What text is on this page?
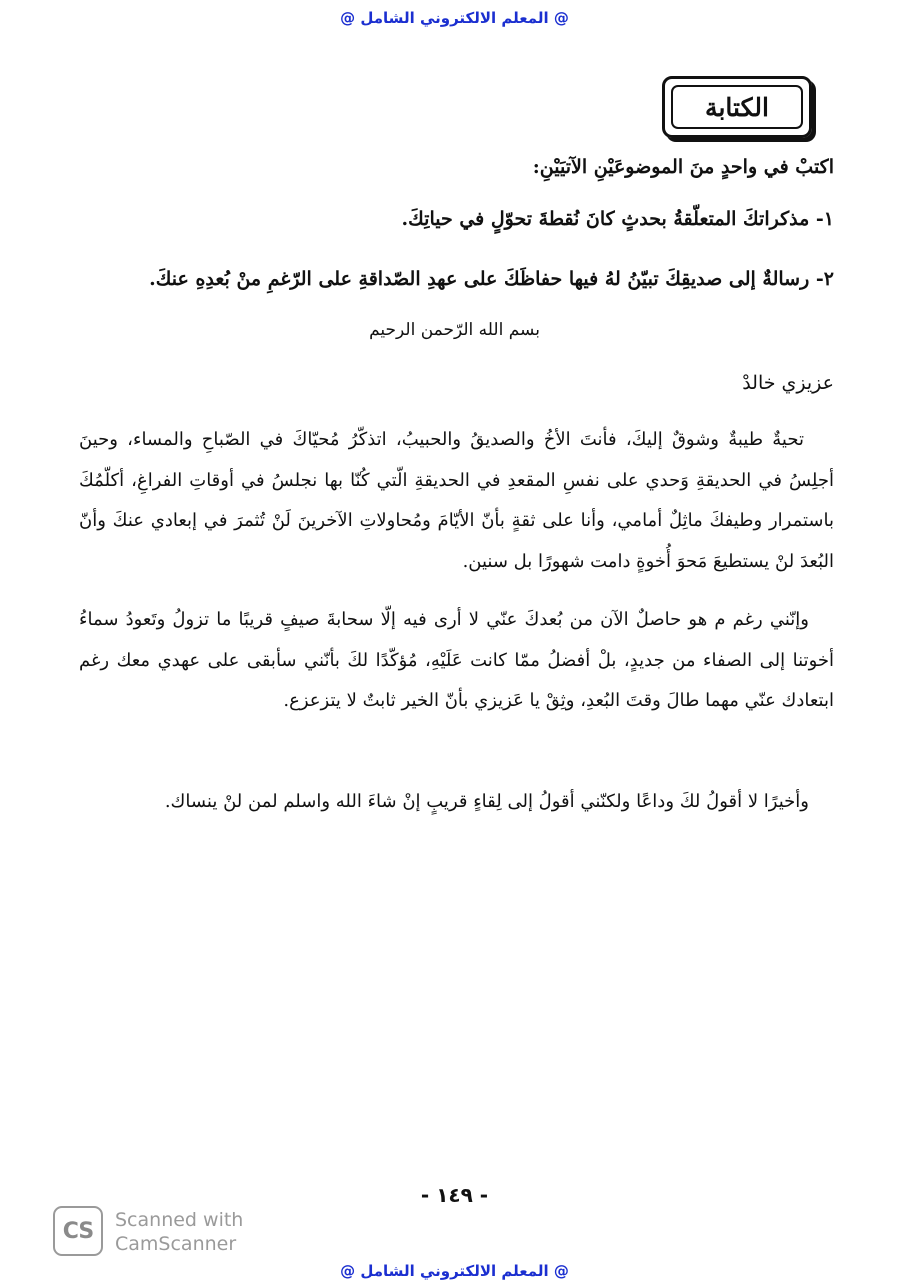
@ المعلم الالكتروني الشامل @
الكتابة
اكتبْ في واحدٍ منَ الموضوعَيْنِ الآتيَيْنِ:
١- مذكراتكَ المتعلّقةُ بحدثٍ كانَ نُقطةَ تحوّلٍ في حياتِكَ.
٢- رسالةٌ إلى صديقِكَ تبيّنُ لهُ فيها حفاظَكَ على عهدِ الصّداقةِ على الرّغمِ منْ بُعدِهِ عنكَ.
بسم الله الرّحمن الرحيم
عزيزي خالدْ
تحيةٌ طيبةٌ وشوقٌ إليكَ، فأنتَ الأخُ والصديقُ والحبيبُ، اتذكّرُ مُحيّاكَ في الصّباحِ والمساء، وحينَ أجلِسُ في الحديقةِ وَحدي على نفسِ المقعدِ في الحديقةِ الّتي كُنّا بها نجلسُ في أوقاتِ الفراغِ، أكلّمُكَ باستمرار وطيفكَ ماثِلٌ أمامي، وأنا على ثقةٍ بأنّ الأيّامَ ومُحاولاتِ الآخرينَ لَنْ تُثمرَ في إبعادي عنكَ وأنّ البُعدَ لنْ يستطيعَ مَحوَ أُخوةٍ دامت شهورًا بل سنين.
وإنّني رغم م هو حاصلٌ الآن من بُعدكَ عنّي لا أرى فيه إلّا سحابةَ صيفٍ قريبًا ما تزولُ وتَعودُ سماءُ أخوتنا إلى الصفاء من جديدٍ، بلْ أفضلُ ممّا كانت عَلَيْهِ، مُؤكّدًا لكَ بأنّني سأبقى على عهدي معك رغم ابتعادك عنّي مهما طالَ وقتَ البُعدِ، وثِقْ يا عَزيزي بأنّ الخير ثابتٌ لا يتزعزع.
وأخيرًا لا أقولُ لكَ وداعًا ولكنّني أقولُ إلى لِقاءٍ قريبٍ إنْ شاءَ الله واسلم لمن لنْ ينساك.
- ١٤٩ -
CS	Scanned with
CamScanner
@ المعلم الالكتروني الشامل @
